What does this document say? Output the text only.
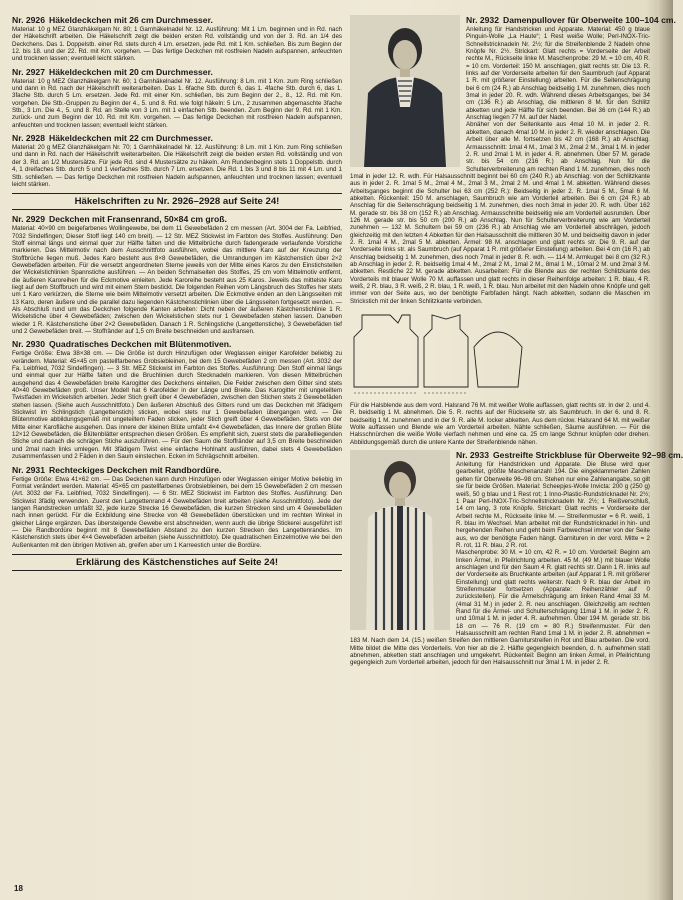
Nr. 2926 Häkeldeckchen mit 26 cm Durchmesser.

Material: 10 g MEZ Glanzhäkelgarn Nr. 80; 1 Garnhäkelnadel Nr. 12. Ausführung: Mit 1 Lm. beginnen und in Rd. nach der Häkelschrift arbeiten. Die Häkelschrift zeigt die beiden ersten Rd. vollständig und von der 3. Rd. an 1/4 des Deckchens. Das 1. Doppelstb. einer Rd. stets durch 4 Lm. ersetzen, jede Rd. mit 1 Km. schließen. Bis zum Beginn der 12. bis 18. und der 22. Rd. mit Km. vorgehen. — Das fertige Deckchen mit rostfreien Nadeln aufspannen, anfeuchten und trocknen lassen; eventuell leicht stärken.

Nr. 2927 Häkeldeckchen mit 20 cm Durchmesser.

Material: 10 g MEZ Glanzhäkelgarn Nr. 60; 1 Garnhäkelnadel Nr. 12. Ausführung: 8 Lm. mit 1 Km. zum Ring schließen und dann in Rd. nach der Häkelschrift weiterarbeiten. Das 1. 6fache Stb. durch 6, das 1. 4fache Stb. durch 6, das 1. 3fache Stb. durch 5 Lm. ersetzen. Jede Rd. mit einer Km. schließen, bis zum Beginn der 2., 8., 12. Rd. mit Km. vorgehen. Die Stb.-Gruppen zu Beginn der 4., 5. und 8. Rd. wie folgt häkeln: 5 Lm., 2 zusammen abgemaschte 3fache Stb., 3 Lm. Die 4., 5. und 8. Rd. an Stelle von 3 Lm. mit 1 einfachen Stb. beenden. Zum Beginn der 9. Rd. mit 1 Km. zurück- und zum Beginn der 10. Rd. mit Km. vorgehen. — Das fertige Deckchen mit rostfreien Nadeln aufspannen, anfeuchten und trocknen lassen; eventuell leicht stärken.

Nr. 2928 Häkeldeckchen mit 22 cm Durchmesser.

Material: 20 g MEZ Glanzhäkelgarn Nr. 70; 1 Garnhäkelnadel Nr. 12. Ausführung: 8 Lm. mit 1 Km. zum Ring schließen und dann in Rd. nach der Häkelschrift weiterarbeiten. Die Häkelschrift zeigt die beiden ersten Rd. vollständig und von der 3. Rd. an 1/2 Mustersätze. Für jede Rd. sind 4 Mustersätze zu häkeln. Am Rundenbeginn stets 1 Doppelstb. durch 4, 1 dreifaches Stb. durch 5 und 1 vierfaches Stb. durch 7 Lm. ersetzen. Die Rd. 1 bis 3 und 8 bis 11 mit 4 Lm. und 1 Stb. schließen. — Das fertige Deckchen mit rostfreien Nadeln aufspannen, anfeuchten und trocknen lassen; eventuell leicht stärken.

Häkelschriften zu Nr. 2926–2928 auf Seite 24!
Nr. 2929 Deckchen mit Fransenrand, 50×84 cm groß.

Material: 40×90 cm beigefarbenes Wollingewebe, bei dem 11 Gewebefäden 2 cm messen (Art. 3004 der Fa. Leibfried, 7032 Sindelfingen; Dieser Stoff liegt 140 cm breit). — 12 Str. MEZ Stickwist im Farbton des Stoffes. Ausführung: Den Stoff einmal längs und einmal quer zur Hälfte falten und die Mittelbrüche durch fadengerade verlaufende Vorstiche markieren. Das Mittelmotiv nach dem Ausschnittfoto ausführen, wobei das mittlere Karo auf der Kreuzung der Stoffbrüche liegen muß. Jedes Karo besteht aus 8×8 Gewebefäden, die Umrandungen im Kästchenstich über 2×2 Gewebefäden arbeiten. Für die versetzt angeordneten Sterne jeweils von der Mitte eines Karos zu den Einstichstellen der Wickelstichlinien Spannstiche ausführen. — An beiden Schmalseiten des Stoffes, 25 cm vom Mittelmotiv entfernt, die äußeren Karoreihen für die Eckmotive einleiten. Jede Karoreihe besteht aus 25 Karos. Jeweils das mittelste Karo liegt auf dem Stoffbruch und wird mit einem Stern bestickt. Die folgenden Reihen vom Längsbruch des Stoffes her stets um 1 Karo verkürzen, die Sterne wie beim Mittelmotiv versetzt arbeiten. Die Eckmotive enden an den Längsseiten mit 13 Karo, deren äußere und die parallel dazu liegenden Kästchenstichlinien über die Längsseiten fortgesetzt werden. — Als Abschluß rund um das Deckchen folgende Kanten arbeiten: Dicht neben der äußeren Kästchenstichlinie 1 R. Wickelstiche über 4 Gewebefäden; zwischen den Wickelstichen stets nur 1 Gewebefaden stehen lassen. Daneben wieder 1 R. Kästchenstiche über 2×2 Gewebefäden. Danach 1 R. Schlingstiche (Langettenstiche), 3 Gewebefäden tief und 2 Gewebefäden breit. — Stoffränder auf 1,5 cm Breite beschneiden und ausfransen.

Nr. 2930 Quadratisches Deckchen mit Blütenmotiven.

Fertige Größe: Etwa 38×38 cm. — Die Größe ist durch Hinzufügen oder Weglassen einiger Karofelder beliebig zu verändern. Material: 45×45 cm pastellfarbenes Grobsiebleinen, bei dem 15 Gewebefäden 2 cm messen (Art. 3032 der Fa. Leibfried, 7032 Sindelfingen). — 3 Str. MEZ Stickwist im Farbton des Stoffes. Ausführung: Den Stoff einmal längs und einmal quer zur Hälfte falten und die Bruchlinien durch Stecknadeln markieren. Von diesen Mittelbrüchen ausgehend das 4 Gewebefäden breite Karogitter des Deckchens einteilen. Die Felder zwischen dem Gitter sind stets 40×40 Gewebefäden groß. Unser Modell hat 6 Karofelder in der Länge und Breite. Das Karogitter mit ungeteiltem Twistfaden im Wickelstich arbeiten. Jeder Stich greift über 4 Gewebefäden, zwischen den Stichen stets 2 Gewebefäden stehen lassen. (Siehe auch Ausschnittfoto.) Den äußeren Abschluß des Gitters rund um das Deckchen mit 3fädigem Stickwist im Schlingstich (Langettenstich) sticken, wobei stets nur 1 Gewebefaden übergangen wird. — Die Blütenmotive abbildungsgemäß mit ungeteiltem Faden sticken, jeder Stich greift über 4 Gewebefäden. Stets von der Mitte einer Karofläche ausgehen. Das innere der kleinen Blüte umfaßt 4×4 Gewebefäden, das Innere der großen Blüte 12×12 Gewebefäden, die Blütenblätter entsprechen diesen Größen. Es empfiehlt sich, zuerst stets die parallelliegenden Stiche und danach die schrägen Stiche auszuführen. — Für den Saum die Stoffränder auf 3,5 cm Breite beschneiden und 2mal nach links umlegen. Mit 3fädigem Twist eine einfache Hohlnaht ausführen, dabei stets 4 Gewebefäden zusammenfassen und 2 Fäden in den Saum einstechen. Ecken im Schrägschnitt arbeiten.

Nr. 2931 Rechteckiges Deckchen mit Randbordüre.

Fertige Größe: Etwa 41×62 cm. — Das Deckchen kann durch Hinzufügen oder Weglassen einiger Motive beliebig im Format verändert werden. Material: 45×65 cm pastellfarbenes Grobsiebleinen, bei dem 15 Gewebefäden 2 cm messen (Art. 3032 der Fa. Leibfried, 7032 Sindelfingen). — 6 Str. MEZ Stickwist im Farbton des Stoffes. Ausführung: Den Stickwist 3fädig verwenden. Zuerst den Langettenrand 4 Gewebefäden breit arbeiten (siehe Ausschnittfoto). Jede der langen Randstrecken umfaßt 32, jede kurze Strecke 16 Gewebefäden, die kurzen Strecken sind um 4 Gewebefäden nach innen gerückt. Für die Eckbildung eine Strecke von 48 Gewebefäden überstücken und im rechten Winkel in gleicher Länge ergänzen. Das übersteigende Gewebe erst abschneiden, wenn auch die übrige Stickerei ausgeführt ist! — Die Randbordüre beginnt mit 8 Gewebefäden Abstand zu den kurzen Strecken des Langettenrandes. Im Kästchenstich stets über 4×4 Gewebefäden arbeiten (siehe Ausschnittfoto). Die quadratischen Einzelmotive wie bei den Außenkanten mit den übrigen Motiven ab, greifen aber um 1 Karreestich unter die Bordüre.

Erklärung des Kästchenstiches auf Seite 24!
Nr. 2932 Damenpullover für Oberweite 100–104 cm.

Anleitung für Handstricken und Apparate. Material: 450 g blaue Pinguin-Wolle „La Haute“; 1 Rest weiße Wolle; Perl-INOX-Tric-Schnellstricknadeln Nr. 2½; für die Streifenblende 2 Nadeln ohne Knöpfe Nr. 2½. Strickart: Glatt rechts = Vorderseite der Arbeit rechte M., Rückseite linke M. Maschenprobe: 29 M. = 10 cm, 40 R. = 10 cm. Vorderteil: 150 M. anschlagen, glatt rechts str. Die 13. R. links auf der Vorderseite arbeiten für den Saumbruch (auf Apparat 1 R. mit größerer Einstellung) arbeiten. Für die Seitenschrägung bei 6 cm (24 R.) ab Anschlag beidseitig 1 M. zunehmen, dies noch 3mal in jeder 20. R. wdh. Während dieses Arbeitsganges, bei 34 cm (136 R.) ab Anschlag, die mittleren 8 M. für den Schlitz abketten und jede Hälfte für sich beenden. Bei 36 cm (144 R.) ab Anschlag liegen 77 M. auf der Nadel.

Abnäher von der Seitenkante aus 4mal 10 M. in jeder 2. R. abketten, danach 4mal 10 M. in jeder 2. R. wieder anschlagen. Die Arbeit über alle M. fortsetzen bis 42 cm (168 R.) ab Anschlag. Armausschnitt: 1mal 4 M., 1mal 3 M., 2mal 2 M., 3mal 1 M. in jeder 2. R. und 2mal 1 M. in jeder 4. R. abnehmen. Über 57 M. gerade str. bis 54 cm (216 R.) ab Anschlag. Nun für die Schulterverbreiterung am rechten Rand 1 M. zunehmen, dies noch 1mal in jeder 12. R. wdh. Für Halsausschnitt beginnt bei 60 cm (240 R.) ab Anschlag: von der Schlitzkante aus in jeder 2. R. 1mal 5 M., 2mal 4 M., 2mal 3 M., 2mal 2 M. und 4mal 1 M. abketten. Während dieses Arbeitsganges beginnt die Schulter bei 63 cm (252 R.): Beidseitig in jeder 2. R. 1mal 5 M., 5mal 6 M. abketten. Rückenteil: 150 M. anschlagen, Saumbruch wie am Vorderteil arbeiten. Bei 6 cm (24 R.) ab Anschlag für die Seitenschrägung beidseitig 1 M. zunehmen, dies noch 3mal in jeder 20. R. wdh. Über 162 M. gerade str. bis 38 cm (152 R.) ab Anschlag. Armausschnitte beidseitig wie am Vorderteil ausrunden. Über 126 M. gerade str. bis 50 cm (200 R.) ab Anschlag. Nun für Schulterverbreiterung wie am Vorderteil zunehmen — 132 M. Schultern bei 59 cm (236 R.) ab Anschlag wie am Vorderteil abschrägen, jedoch gleichzeitig mit den letzten 4 Abketten für den Halsausschnitt die mittleren 30 M. und beidseitig davon in jeder 2. R. 1mal 4 M., 2mal 5 M. abketten. Ärmel: 98 M. anschlagen und glatt rechts str. Die 9. R. auf der Vorderseite links str. als Saumbruch (auf Apparat 1 R. mit größerer Einstellung) arbeiten. Bei 4 cm (16 R.) ab Anschlag beidseitig 1 M. zunehmen, dies noch 7mal in jeder 8. R. wdh. — 114 M. Armkugel: bei 8 cm (32 R.) ab Anschlag in jeder 2. R. beidseitig 1mal 4 M., 2mal 2 M., 1mal 2 M., 8mal 1 M., 10mal 2 M. und 2mal 3 M. abketten. Restliche 22 M. gerade abketten. Ausarbeiten: Für die Blende aus der rechten Schlitzkante des Vorderteils mit blauer Wolle 70 M. auffassen und glatt rechts in dieser Reihenfolge arbeiten: 1 R. blau, 4 R. weiß, 2 R. blau, 3 R. weiß, 2 R. blau, 1 R. weiß, 1 R. blau. Nun arbeitet mit den Nadeln ohne Knöpfe und gelt immer von der Seite aus, wo der benötigte Farbfaden hängt. Nach abketten, sodann die Maschen im Strickstich mit der linken Schlitzkante verbinden.

Für die Halsblende aus dem vord. Halsrand 76 M. mit weißer Wolle auffassen, glatt rechts str. In der 2. und 4. R. beidseitig 1 M. abnehmen. Die 5. R. rechts auf der Rückseite str. als Saumbruch. In der 6. und 8. R. beidseitig 1 M. zunehmen und in der 9. R. alle M. locker abketten. Aus dem rückw. Halsrand 64 M. mit weißer Wolle auffassen und Blende wie am Vorderteil arbeiten. Nähte schließen, Säume ausführen. — Für die Halsschnürchen die weiße Wolle vierfach nehmen und eine ca. 25 cm lange Schnur knüpfen oder drehen. Abbildungsgemäß durch die untere Kante der Streifenblende nähen.

Nr. 2933 Gestreifte Strickbluse für Oberweite 92–98 cm.

Anleitung für Handstricken und Apparate. Die Bluse wird quer gearbeitet, größte Maschenanzahl 194. Die eingeklammerten Zahlen gelten für Oberweite 96–98 cm. Stehen nur eine Zahlenangabe, so gilt sie für beide Größen. Material: Scheepjes-Wolle Invicta: 200 g (250 g) weiß, 50 g blau und 1 Rest rot; 1 Inno-Plastic-Rundstricknadel Nr. 2½; 1 Paar Perl-INOX-Tric-Schnellstricknadeln Nr. 2½; 1 Reißverschluß, 14 cm lang, 3 rote Knöpfe. Strickart: Glatt rechts = Vorderseite der Arbeit rechte M., Rückseite linke M. — Streifenmuster = 6 R. weiß, 1 R. blau im Wechsel. Man arbeitet mit der Rundstricknadel in hin- und hergehenden Reihen und geht beim Farbwechsel immer von der Seite aus, wo der benötigte Faden hängt. Garnituren in der vord. Mitte = 2 R. rot, 11 R. blau, 2 R. rot.

Maschenprobe: 30 M. = 10 cm, 42 R. = 10 cm. Vorderteil: Beginn am linken Ärmel, in Pfeilrichtung arbeiten. 45 M. (49 M.) mit blauer Wolle anschlagen und für den Saum 4 R. glatt rechts str. Dann 1 R. links auf der Vorderseite als Bruchkante arbeiten (auf Apparat 1 R. mit größerer Einstellung) und glatt rechts weiterstr. Nach 9 R. blau der Arbeit im Streifenmuster fortsetzen (Apparate: Reihenzähler auf 0 zurückstellen). Für die Ärmelschrägung am linken Rand 4mal 33 M. (4mal 31 M.) in jeder 2. R. neu anschlagen. Gleichzeitig am rechten Rand für die Ärmel- und Schulterschrägung 11mal 1 M. in jeder 2. R. und 10mal 1 M. in jeder 4. R. aufnehmen. Über 194 M. gerade str. bis 18 cm — 76 R. (19 cm = 80 R.) Streifenmuster. Für den Halsausschnitt am rechten Rand 1mal 1 M. in jeder 2. R. abnehmen = 183 M. Nach dem 14. (15.) weißen Streifen den mittleren Garniturstreifen in Rot und Blau arbeiten. Die vord. Mitte bildet die Mitte des Vorderteils. Von hier ab die 2. Hälfte gegengleich beenden, d. h. aufnehmen statt abnehmen, abketten statt anschlagen und umgekehrt. Rückenteil: Beginn am linken Ärmel, in Pfeilrichtung gegengleich zum Vorderteil arbeiten, jedoch für den Halsausschnitt nur 3mal 1 M. in jeder 2. R.

18
